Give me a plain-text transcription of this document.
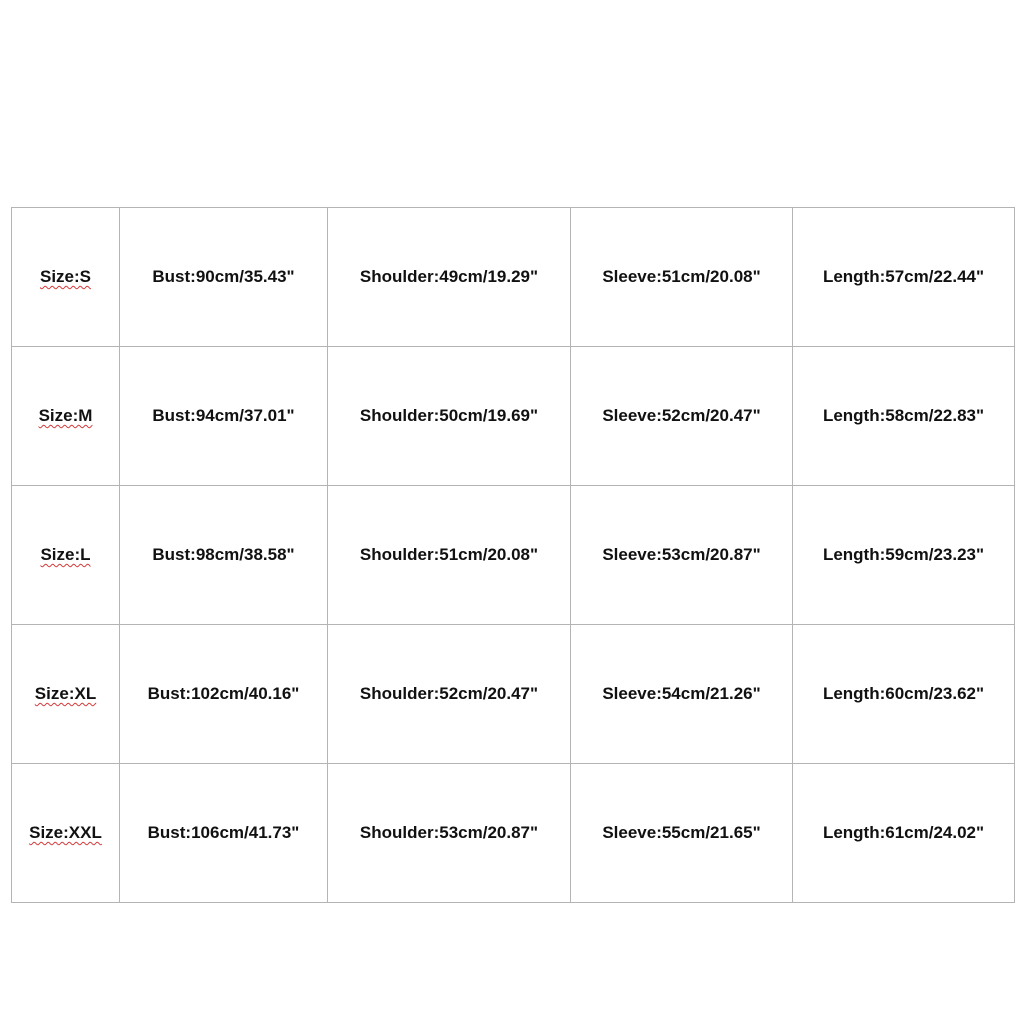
Size:S	Bust:90cm/35.43"	Shoulder:49cm/19.29"	Sleeve:51cm/20.08"	Length:57cm/22.44"
Size:M	Bust:94cm/37.01"	Shoulder:50cm/19.69"	Sleeve:52cm/20.47"	Length:58cm/22.83"
Size:L	Bust:98cm/38.58"	Shoulder:51cm/20.08"	Sleeve:53cm/20.87"	Length:59cm/23.23"
Size:XL	Bust:102cm/40.16"	Shoulder:52cm/20.47"	Sleeve:54cm/21.26"	Length:60cm/23.62"
Size:XXL	Bust:106cm/41.73"	Shoulder:53cm/20.87"	Sleeve:55cm/21.65"	Length:61cm/24.02"
